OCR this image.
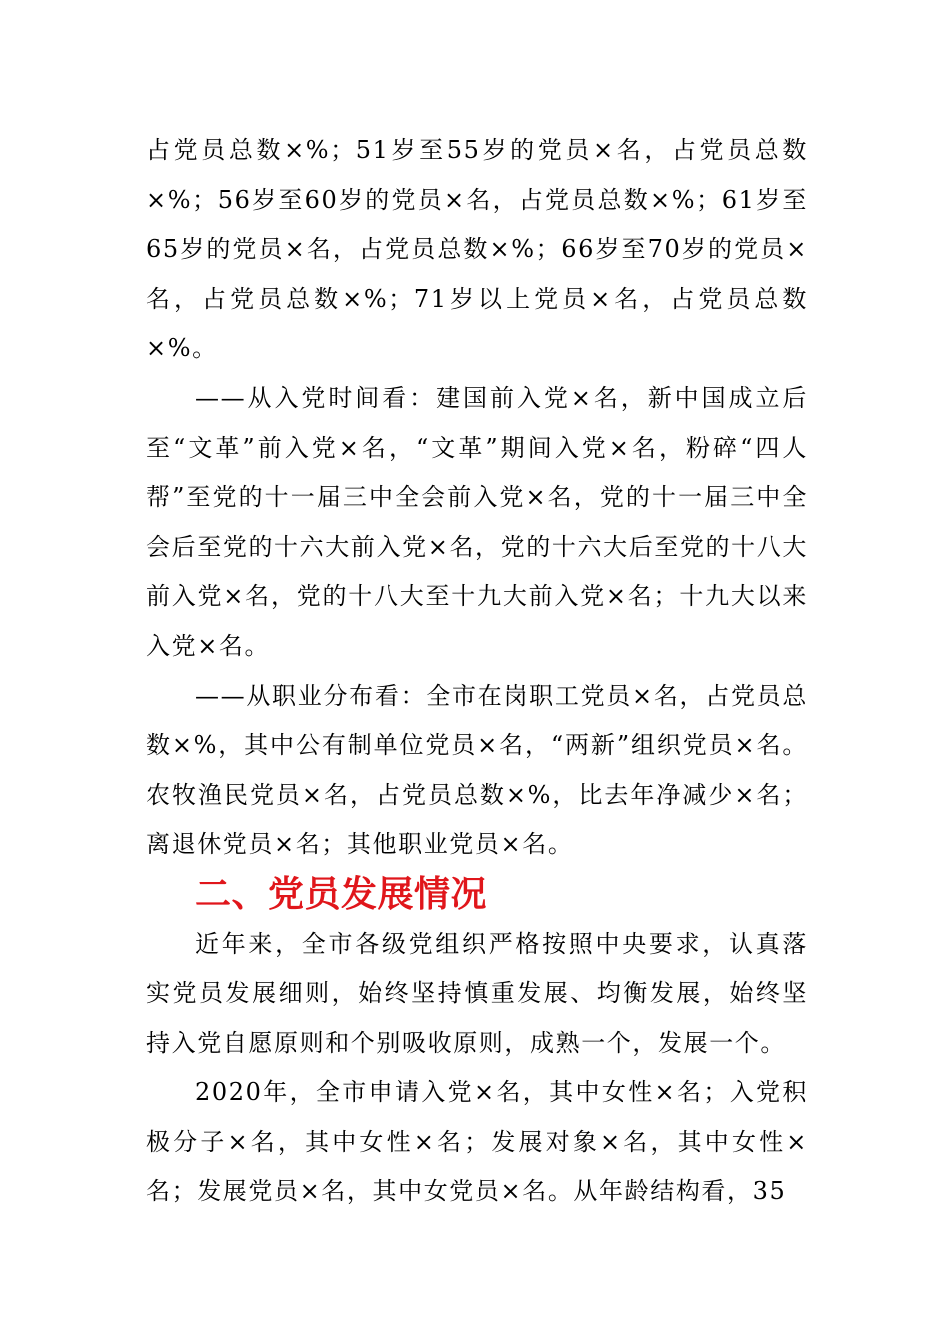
占党员总数×%；51岁至55岁的党员×名，占党员总数×%；56岁至60岁的党员×名，占党员总数×%；61岁至65岁的党员×名，占党员总数×%；66岁至70岁的党员×名，占党员总数×%；71岁以上党员×名，占党员总数×%。

——从入党时间看：建国前入党×名，新中国成立后至“文革”前入党×名，“文革”期间入党×名，粉碎“四人帮”至党的十一届三中全会前入党×名，党的十一届三中全会后至党的十六大前入党×名，党的十六大后至党的十八大前入党×名，党的十八大至十九大前入党×名；十九大以来入党×名。

——从职业分布看：全市在岗职工党员×名，占党员总数×%，其中公有制单位党员×名，“两新”组织党员×名。农牧渔民党员×名，占党员总数×%，比去年净减少×名；离退休党员×名；其他职业党员×名。

二、党员发展情况

近年来，全市各级党组织严格按照中央要求，认真落实党员发展细则，始终坚持慎重发展、均衡发展，始终坚持入党自愿原则和个别吸收原则，成熟一个，发展一个。

2020年，全市申请入党×名，其中女性×名；入党积极分子×名，其中女性×名；发展对象×名，其中女性×名；发展党员×名，其中女党员×名。从年龄结构看，35
